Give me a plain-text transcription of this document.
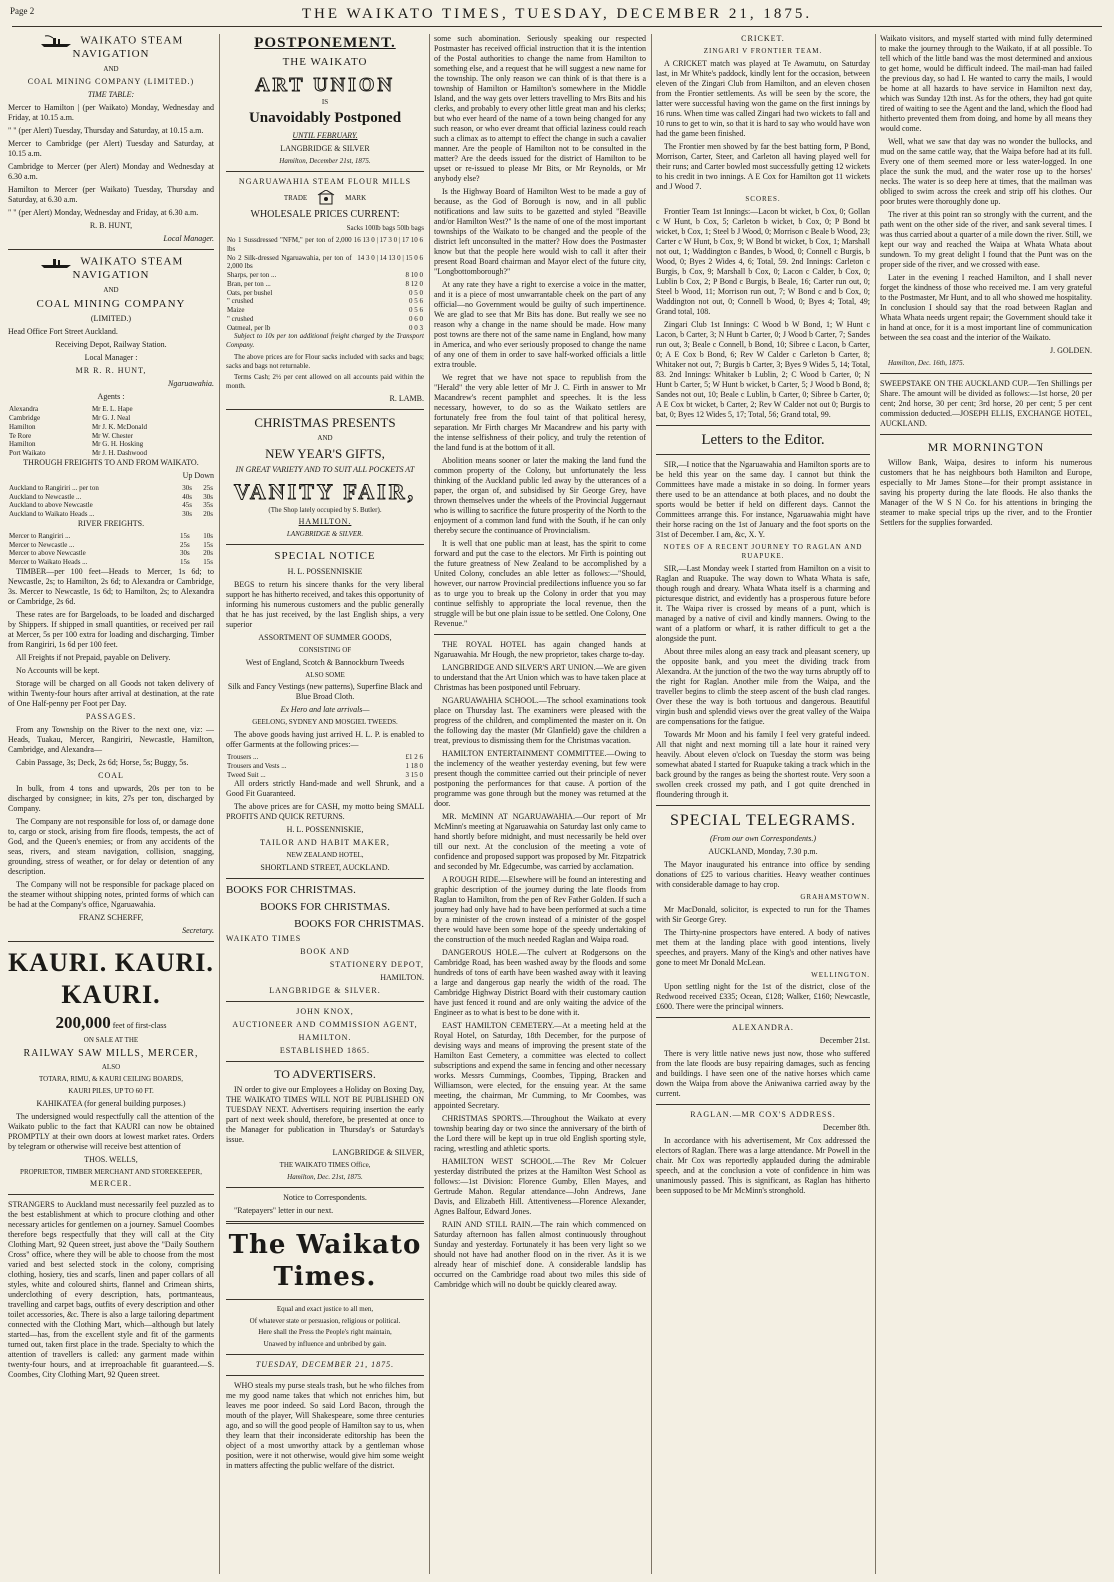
Page 2	THE WAIKATO TIMES, TUESDAY, DECEMBER 21, 1875.

WAIKATO STEAM NAVIGATION

AND

COAL MINING COMPANY (LIMITED.)

TIME TABLE:

Mercer to Hamilton | (per Waikato) Monday, Wednesday and Friday, at 10.15 a.m.

" " (per Alert) Tuesday, Thursday and Saturday, at 10.15 a.m.

Mercer to Cambridge (per Alert) Tuesday and Saturday, at 10.15 a.m.

Cambridge to Mercer (per Alert) Monday and Wednesday at 6.30 a.m.

Hamilton to Mercer (per Waikato) Tuesday, Thursday and Saturday, at 6.30 a.m.

" " (per Alert) Monday, Wednesday and Friday, at 6.30 a.m.

R. B. HUNT,

Local Manager.

WAIKATO STEAM NAVIGATION

AND

COAL MINING COMPANY

(LIMITED.)

Head Office Fort Street Auckland.

Receiving Depot, Railway Station.

Local Manager :

MR R. R. HUNT,

Ngaruawahia.

Agents :

Alexandra	Mr E. L. Hape
Cambridge	Mr G. J. Neal
Hamilton	Mr J. K. McDonald
Te Rore	Mr W. Chester
Hamilton	Mr G. H. Hosking
Port Waikato	Mr J. H. Dashwood

THROUGH FREIGHTS TO AND FROM WAIKATO.

Up Down

Auckland to Rangiriri ... per ton	30s	25s
Auckland to Newcastle ...	40s	30s
Auckland to above Newcastle	45s	35s
Auckland to Waikato Heads ...	30s	20s

RIVER FREIGHTS.

Mercer to Rangiriri ...	15s	10s
Mercer to Newcastle ...	25s	15s
Mercer to above Newcastle	30s	20s
Mercer to Waikato Heads ...	15s	15s

TIMBER—per 100 feet—Heads to Mercer, 1s 6d; to Newcastle, 2s; to Hamilton, 2s 6d; to Alexandra or Cambridge, 3s. Mercer to Newcastle, 1s 6d; to Hamilton, 2s; to Alexandra or Cambridge, 2s 6d.

These rates are for Bargeloads, to be loaded and discharged by Shippers. If shipped in small quantities, or received per rail at Mercer, 5s per 100 extra for loading and discharging. Timber from Rangiriri, 1s 6d per 100 feet.

All Freights if not Prepaid, payable on Delivery.

No Accounts will be kept.

Storage will be charged on all Goods not taken delivery of within Twenty-four hours after arrival at destination, at the rate of One Half-penny per Foot per Day.

PASSAGES.

From any Township on the River to the next one, viz: — Heads, Tuakau, Mercer, Rangiriri, Newcastle, Hamilton, Cambridge, and Alexandra—

Cabin Passage, 3s; Deck, 2s 6d; Horse, 5s; Buggy, 5s.

COAL

In bulk, from 4 tons and upwards, 20s per ton to be discharged by consignee; in kits, 27s per ton, discharged by Company.

The Company are not responsible for loss of, or damage done to, cargo or stock, arising from fire floods, tempests, the act of God, and the Queen's enemies; or from any accidents of the seas, rivers, and steam navigation, collision, snagging, grounding, stress of weather, or for delay or detention of any description.

The Company will not be responsible for package placed on the steamer without shipping notes, printed forms of which can be had at the Company's office, Ngaruawahia.

FRANZ SCHERFF,

Secretary.

KAURI. KAURI. KAURI.

200,000 feet of first-class

ON SALE AT THE

RAILWAY SAW MILLS, MERCER,

ALSO

TOTARA, RIMU, & KAURI CEILING BOARDS,

KAURI PILES, UP TO 60 FT.

KAHIKATEA (for general building purposes.)

The undersigned would respectfully call the attention of the Waikato public to the fact that KAURI can now be obtained PROMPTLY at their own doors at lowest market rates. Orders by telegram or otherwise will receive best attention of

THOS. WELLS,

PROPRIETOR, TIMBER MERCHANT AND STOREKEEPER,

MERCER.

STRANGERS to Auckland must necessarily feel puzzled as to the best establishment at which to procure clothing and other necessary articles for gentlemen on a journey. Samuel Coombes therefore begs respectfully that they will call at the City Clothing Mart, 92 Queen street, just above the "Daily Southern Cross" office, where they will be able to choose from the most varied and best selected stock in the colony, comprising clothing, hosiery, ties and scarfs, linen and paper collars of all styles, white and coloured shirts, flannel and Crimean shirts, underclothing of every description, hats, portmanteaus, travelling and carpet bags, outfits of every description and other toilet accessories, &c. There is also a large tailoring department connected with the Clothing Mart, which—although but lately started—has, from the excellent style and fit of the garments turned out, taken first place in the trade. Specialty to which the attention of travellers is called: any garment made within twenty-four hours, and at irreproachable fit guaranteed.—S. Coombes, City Clothing Mart, 92 Queen street.

POSTPONEMENT.

THE WAIKATO

ART UNION

IS

Unavoidably Postponed

UNTIL FEBRUARY.

LANGBRIDGE & SILVER

Hamilton, December 21st, 1875.

NGARUAWAHIA STEAM FLOUR MILLS

TRADE	MARK

WHOLESALE PRICES CURRENT:

Sacks 100lb bags 50lb bags

No 1 Sussdressed "NFM," per ton of 2,000 lbs	16 13 0 | 17 3 0 | 17 10 6
No 2 Silk-dressed Ngaruawahia, per ton of 2,000 lbs	14 3 0 | 14 13 0 | 15 0 6
Sharps, per ton ...	8 10 0
Bran, per ton ...	8 12 0
Oats, per bushel	0 5 0
" crushed	0 5 6
Maize	0 5 6
" crushed	0 6 0
Oatmeal, per lb	0 0 3

Subject to 10s per ton additional freight charged by the Transport Company.

The above prices are for Flour sacks included with sacks and bags; sacks and bags not returnable.

Terms Cash; 2½ per cent allowed on all accounts paid within the month.

R. LAMB.

CHRISTMAS PRESENTS

AND

NEW YEAR'S GIFTS,

IN GREAT VARIETY AND TO SUIT ALL POCKETS AT

VANITY FAIR,

(The Shop lately occupied by S. Butler).

HAMILTON.

LANGBRIDGE & SILVER.

SPECIAL NOTICE

H. L. POSSENNISKIE

BEGS to return his sincere thanks for the very liberal support he has hitherto received, and takes this opportunity of informing his numerous customers and the public generally that he has just received, by the last English ships, a very superior

ASSORTMENT OF SUMMER GOODS,

CONSISTING OF

West of England, Scotch & Bannockburn Tweeds

ALSO SOME

Silk and Fancy Vestings (new patterns), Superfine Black and Blue Broad Cloth.

Ex Hero and late arrivals—

GEELONG, SYDNEY AND MOSGIEL TWEEDS.

The above goods having just arrived H. L. P. is enabled to offer Garments at the following prices:—

Trousers ...	£1 2 6
Trousers and Vests ...	1 18 0
Tweed Suit ...	3 15 0

All orders strictly Hand-made and well Shrunk, and a Good Fit Guaranteed.

The above prices are for CASH, my motto being SMALL PROFITS AND QUICK RETURNS.

H. L. POSSENNISKIE,

TAILOR AND HABIT MAKER,

NEW ZEALAND HOTEL,

SHORTLAND STREET, AUCKLAND.

BOOKS FOR CHRISTMAS.

BOOKS FOR CHRISTMAS.

BOOKS FOR CHRISTMAS.

WAIKATO TIMES

BOOK AND

STATIONERY DEPOT,

HAMILTON.

LANGBRIDGE & SILVER.

JOHN KNOX,

AUCTIONEER AND COMMISSION AGENT,

HAMILTON.

ESTABLISHED 1865.

TO ADVERTISERS.

IN order to give our Employees a Holiday on Boxing Day, THE WAIKATO TIMES WILL NOT BE PUBLISHED ON TUESDAY NEXT. Advertisers requiring insertion the early part of next week should, therefore, be presented at once to the Manager for publication in Thursday's or Saturday's issue.

LANGBRIDGE & SILVER,

THE WAIKATO TIMES Office,

Hamilton, Dec. 21st, 1875.

Notice to Correspondents.

"Ratepayers" letter in our next.

The Waikato Times.

Equal and exact justice to all men,

Of whatever state or persuasion, religious or political.

Here shall the Press the People's right maintain,

Unawed by influence and unbribed by gain.

TUESDAY, DECEMBER 21, 1875.

WHO steals my purse steals trash, but he who filches from me my good name takes that which not enriches him, but leaves me poor indeed. So said Lord Bacon, through the mouth of the player, Will Shakespeare, some three centuries ago, and so will the good people of Hamilton say to us, when they learn that their inconsiderate editorship has been the object of a most unworthy attack by a gentleman whose position, were it not otherwise, would give him some weight in matters affecting the public welfare of the district.

some such abomination. Seriously speaking our respected Postmaster has received official instruction that it is the intention of the Postal authorities to change the name from Hamilton to something else, and a request that he will suggest a new name for the township. The only reason we can think of is that there is a township of Hamilton or Hamilton's somewhere in the Middle Island, and the way gets over letters travelling to Mrs Bits and his clerks, and probably to every other little great man and his clerks; but who ever heard of the name of a town being changed for any such reason, or who ever dreamt that official laziness could reach such a climax as to attempt to effect the change in such a cavalier manner. Are the people of Hamilton not to be consulted in the matter? Are the deeds issued for the district of Hamilton to be upset or re-issued to please Mr Bits, or Mr Reynolds, or Mr anybody else?

Is the Highway Board of Hamilton West to be made a guy of because, as the God of Borough is now, and in all public notifications and law suits to be gazetted and styled "Beaville and/or Hamilton West?" Is the name of one of the most important townships of the Waikato to be changed and the people of the district left unconsulted in the matter? How does the Postmaster know but that the people here would wish to call it after their present Road Board chairman and Mayor elect of the future city, "Longbottomborough?"

At any rate they have a right to exercise a voice in the matter, and it is a piece of most unwarrantable cheek on the part of any official—no Government would be guilty of such impertinence. We are glad to see that Mr Bits has done. But really we see no reason why a change in the name should be made. How many post towns are there not of the same name in England, how many in America, and who ever seriously proposed to change the name of any one of them in order to save half-worked officials a little extra trouble.

We regret that we have not space to republish from the "Herald" the very able letter of Mr J. C. Firth in answer to Mr Macandrew's recent pamphlet and speeches. It is the less necessary, however, to do so as the Waikato settlers are fortunately free from the foul taint of that political heresy, separation. Mr Firth charges Mr Macandrew and his party with the intense selfishness of their policy, and truly the retention of the land fund is at the bottom of it all.

Abolition means sooner or later the making the land fund the common property of the Colony, but unfortunately the less thinking of the Auckland public led away by the utterances of a paper, the organ of, and subsidised by Sir George Grey, have thrown themselves under the wheels of the Provincial Juggernaut who is willing to sacrifice the future prosperity of the North to the enjoyment of a common land fund with the South, if he can only thereby secure the continuance of Provincialism.

It is well that one public man at least, has the spirit to come forward and put the case to the electors. Mr Firth is pointing out the future greatness of New Zealand to be accomplished by a United Colony, concludes an able letter as follows:—"Should, however, our narrow Provincial predilections influence you so far as to urge you to break up the Colony in order that you may continue selfishly to appropriate the local revenue, then the struggle will be but one plain issue to be settled. One Colony, One Revenue."

THE ROYAL HOTEL has again changed hands at Ngaruawahia. Mr Hough, the new proprietor, takes charge to-day.

LANGBRIDGE AND SILVER'S ART UNION.—We are given to understand that the Art Union which was to have taken place at Christmas has been postponed until February.

NGARUAWAHIA SCHOOL.—The school examinations took place on Thursday last. The examiners were pleased with the progress of the children, and complimented the master on it. On the following day the master (Mr Glanfield) gave the children a treat, previous to dismissing them for the Christmas vacation.

HAMILTON ENTERTAINMENT COMMITTEE.—Owing to the inclemency of the weather yesterday evening, but few were present though the committee carried out their principle of never postponing the performances for that cause. A portion of the programme was gone through but the money was returned at the door.

MR. McMINN AT NGARUAWAHIA.—Our report of Mr McMinn's meeting at Ngaruawahia on Saturday last only came to hand shortly before midnight, and must necessarily be held over till our next. At the conclusion of the meeting a vote of confidence and proposed support was proposed by Mr. Fitzpatrick and seconded by Mr. Edgecumbe, was carried by acclamation.

A ROUGH RIDE.—Elsewhere will be found an interesting and graphic description of the journey during the late floods from Raglan to Hamilton, from the pen of Rev Father Golden. If such a journey had only have had to have been performed at such a time by a minister of the crown instead of a minister of the gospel there would have been some hope of the speedy undertaking of the construction of the much needed Raglan and Waipa road.

DANGEROUS HOLE.—The culvert at Rodgersons on the Cambridge Road, has been washed away by the floods and some hundreds of tons of earth have been washed away with it leaving a large and dangerous gap nearly the width of the road. The Cambridge Highway District Board with their customary caution have just fenced it round and are only waiting the advice of the Engineer as to what is best to be done with it.

EAST HAMILTON CEMETERY.—At a meeting held at the Royal Hotel, on Saturday, 18th December, for the purpose of devising ways and means of improving the present state of the Hamilton East Cemetery, a committee was elected to collect subscriptions and expend the same in fencing and other necessary works. Messrs Cummings, Coombes, Tipping, Bracken and Williamson, were elected, for the ensuing year. At the same meeting, the chairman, Mr Cumming, to Mr Coombes, was appointed Secretary.

CHRISTMAS SPORTS.—Throughout the Waikato at every township bearing day or two since the anniversary of the birth of the Lord there will be kept up in true old English sporting style, racing, wrestling and athletic sports.

HAMILTON WEST SCHOOL.—The Rev Mr Colcuer yesterday distributed the prizes at the Hamilton West School as follows:—1st Division: Florence Gumby, Ellen Mayes, and Gertrude Mahon. Regular attendance—John Andrews, Jane Davis, and Elizabeth Hill. Attentiveness—Florence Alexander, Agnes Balfour, Edward Jones.

RAIN AND STILL RAIN.—The rain which commenced on Saturday afternoon has fallen almost continuously throughout Sunday and yesterday. Fortunately it has been very light so we should not have had another flood on in the river. As it is we already hear of mischief done. A considerable landslip has occurred on the Cambridge road about two miles this side of Cambridge which will no doubt be quickly cleared away.

CRICKET.

ZINGARI V FRONTIER TEAM.

A CRICKET match was played at Te Awamutu, on Saturday last, in Mr White's paddock, kindly lent for the occasion, between eleven of the Zingari Club from Hamilton, and an eleven chosen from the Frontier settlements. As will be seen by the score, the latter were successful having won the game on the first innings by 16 runs. When time was called Zingari had two wickets to fall and 10 runs to get to win, so that it is hard to say who would have won had the game been finished.

The Frontier men showed by far the best batting form, P Bond, Morrison, Carter, Steer, and Carleton all having played well for their runs; and Carter bowled most successfully getting 12 wickets to his credit in two innings. A E Cox for Hamilton got 11 wickets and J Wood 7.

SCORES.

Frontier Team 1st Innings:—Lacon bt wicket, b Cox, 0; Gollan c W Hunt, b Cox, 5; Carleton b wicket, b Cox, 0; P Bond bt wicket, b Cox, 1; Steel b J Wood, 0; Morrison c Beale b Wood, 23; Carter c W Hunt, b Cox, 9; W Bond bt wicket, b Cox, 1; Marshall not out, 1; Waddington c Bandes, b Wood, 0; Connell c Burgis, b Wood, 0; Byes 2 Wides 4, 6; Total, 59. 2nd Innings: Carleton c Burgis, b Cox, 9; Marshall b Cox, 0; Lacon c Calder, b Cox, 0; Lublin b Cox, 2; P Bond c Burgis, b Beale, 16; Carter run out, 0; Steel b Wood, 11; Morrison run out, 7; W Bond c and b Cox, 0; Waddington not out, 0; Connell b Wood, 0; Byes 4; Total, 49; Grand total, 108.

Zingari Club 1st Innings: C Wood b W Bond, 1; W Hunt c Lacon, b Carter, 3; N Hunt b Carter, 0; J Wood b Carter, 7; Sandes run out, 3; Beale c Connell, b Bond, 10; Sibree c Lacon, b Carter, 0; A E Cox b Bond, 6; Rev W Calder c Carleton b Carter, 8; Whitaker not out, 7; Burgis b Carter, 3; Byes 9 Wides 5, 14; Total, 83. 2nd Innings: Whitaker b Lublin, 2; C Wood b Carter, 0; N Hunt b Carter, 5; W Hunt b wicket, b Carter, 5; J Wood b Bond, 8; Sandes not out, 10; Beale c Lublin, b Carter, 0; Sibree b Carter, 0; A E Cox bt wicket, b Carter, 2; Rev W Calder not out 0; Burgis to bat, 0; Byes 12 Wides 5, 17; Total, 56; Grand total, 99.

Letters to the Editor.

SIR,—I notice that the Ngaruawahia and Hamilton sports are to be held this year on the same day. I cannot but think the Committees have made a mistake in so doing. In former years there used to be an attendance at both places, and no doubt the sports would be better if held on different days. Cannot the Committees arrange this. For instance, Ngaruawahia might have their horse racing on the 1st of January and the foot sports on the 31st of December. I am, &c, X. Y.

NOTES OF A RECENT JOURNEY TO RAGLAN AND RUAPUKE.

SIR,—Last Monday week I started from Hamilton on a visit to Raglan and Ruapuke. The way down to Whata Whata is safe, though rough and dreary. Whata Whata itself is a charming and picturesque district, and evidently has a prosperous future before it. The Waipa river is crossed by means of a punt, which is managed by a native of civil and kindly manners. Owing to the want of a platform or wharf, it is rather difficult to get a the alongside the punt.

About three miles along an easy track and pleasant scenery, up the opposite bank, and you meet the dividing track from Alexandra. At the junction of the two the way turns abruptly off to the right for Raglan. Another mile from the Waipa, and the traveller begins to climb the steep ascent of the bush clad ranges. Over these the way is both tortuous and dangerous. Beautiful virgin bush and splendid views over the great valley of the Waipa are compensations for the fatigue.

Towards Mr Moon and his family I feel very grateful indeed. All that night and next morning till a late hour it rained very heavily. About eleven o'clock on Tuesday the storm was being somewhat abated I started for Ruapuke taking a track which in the back ground by the ranges as being the shortest route. Very soon a swollen creek crossed my path, and I got quite drenched in floundering through it.

SPECIAL TELEGRAMS.

(From our own Correspondents.)

AUCKLAND, Monday, 7.30 p.m.

The Mayor inaugurated his entrance into office by sending donations of £25 to various charities. Heavy weather continues with considerable damage to hay crop.

GRAHAMSTOWN.

Mr MacDonald, solicitor, is expected to run for the Thames with Sir George Grey.

The Thirty-nine prospectors have entered. A body of natives met them at the landing place with good intentions, lively speeches, and prayers. Many of the King's and other natives have gone to meet Mr Donald McLean.

WELLINGTON.

Upon settling night for the 1st of the district, close of the Redwood received £335; Ocean, £128; Walker, £160; Newcastle, £600. There were the principal winners.

ALEXANDRA.

December 21st.

There is very little native news just now, those who suffered from the late floods are busy repairing damages, such as fencing and buildings. I have seen one of the native horses which came down the Waipa from above the Aniwaniwa carried away by the current.

RAGLAN.—MR COX'S ADDRESS.

December 8th.

In accordance with his advertisement, Mr Cox addressed the electors of Raglan. There was a large attendance. Mr Powell in the chair. Mr Cox was reportedly applauded during the admirable speech, and at the conclusion a vote of confidence in him was unanimously passed. This is significant, as Raglan has hitherto been supposed to be Mr McMinn's stronghold.

Waikato visitors, and myself started with mind fully determined to make the journey through to the Waikato, if at all possible. To tell which of the little band was the most determined and anxious to get home, would be difficult indeed. The mail-man had failed the previous day, so had I. He wanted to carry the mails, I would be home at all hazards to have service in Hamilton next day, which was Sunday 12th inst. As for the others, they had got quite tired of waiting to see the Agent and the land, which the flood had hitherto prevented them from doing, and home by all means they would come.

Well, what we saw that day was no wonder the bullocks, and mud on the same cattle way, that the Waipa before had at its full. Every one of them seemed more or less water-logged. In one place the sunk the mud, and the water rose up to the horses' necks. The water is so deep here at times, that the mailman was obliged to swim across the creek and strip off his clothes. Our poor brutes were thoroughly done up.

The river at this point ran so strongly with the current, and the path went on the other side of the river, and sank several times. I was thus carried about a quarter of a mile down the river. Still, we kept our way and reached the Waipa at Whata Whata about sundown. To my great delight I found that the Punt was on the proper side of the river, and we crossed with ease.

Later in the evening I reached Hamilton, and I shall never forget the kindness of those who received me. I am very grateful to the Postmaster, Mr Hunt, and to all who showed me hospitality. In conclusion I should say that the road between Raglan and Whata Whata needs urgent repair; the Government should take it in hand at once, for it is a most important line of communication between the sea coast and the interior of the Waikato.

J. GOLDEN.

Hamilton, Dec. 16th, 1875.

SWEEPSTAKE ON THE AUCKLAND CUP.—Ten Shillings per Share. The amount will be divided as follows:—1st horse, 20 per cent; 2nd horse, 30 per cent; 3rd horse, 20 per cent; 5 per cent commission deducted.—JOSEPH ELLIS, EXCHANGE HOTEL, AUCKLAND.

MR MORNINGTON

Willow Bank, Waipa, desires to inform his numerous customers that he has neighbours both Hamilton and Europe, especially to Mr James Stone—for their prompt assistance in saving his property during the late floods. He also thanks the Manager of the W S N Co. for his attentions in bringing the steamer to make special trips up the river, and to the Frontier Settlers for the supplies forwarded.
